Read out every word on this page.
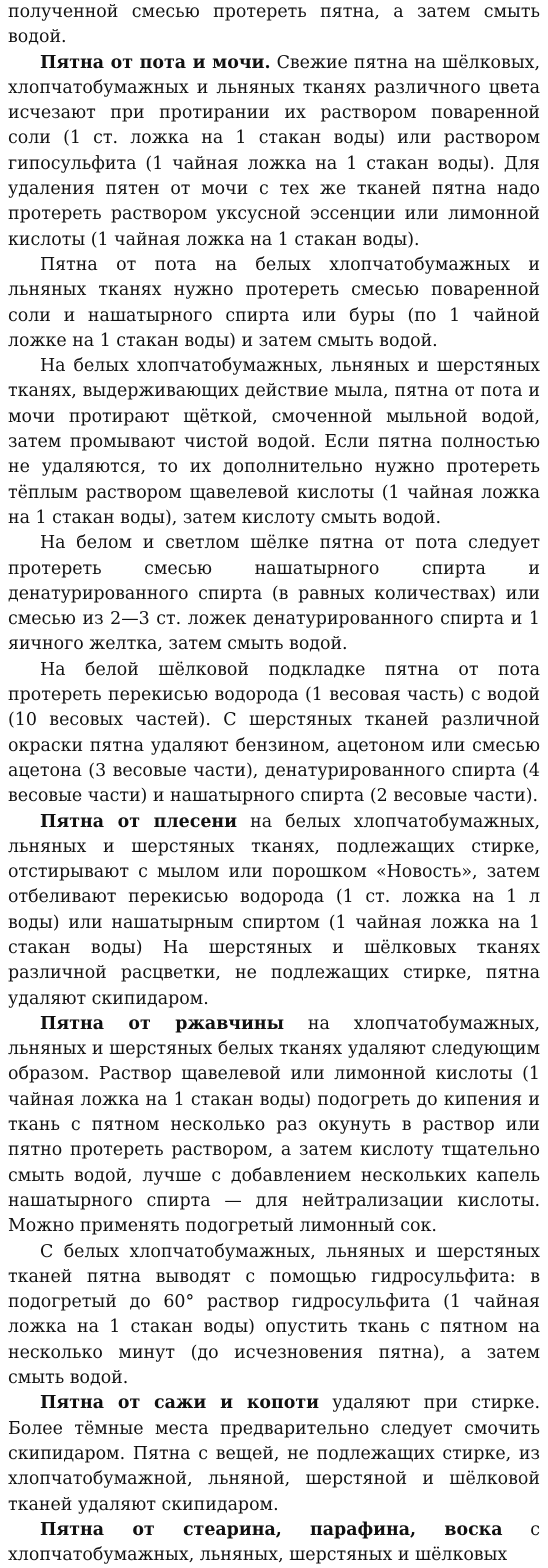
полученной смесью протереть пятна, а затем смыть водой.

Пятна от пота и мочи. Свежие пятна на шёлковых, хлопчатобумажных и льняных тканях различного цвета исчезают при протирании их раствором поваренной соли (1 ст. ложка на 1 стакан воды) или раствором гипосульфита (1 чайная ложка на 1 стакан воды). Для удаления пятен от мочи с тех же тканей пятна надо протереть раствором уксусной эссенции или лимонной кислоты (1 чайная ложка на 1 стакан воды).

Пятна от пота на белых хлопчатобумажных и льняных тканях нужно протереть смесью поваренной соли и нашатырного спирта или буры (по 1 чайной ложке на 1 стакан воды) и затем смыть водой.

На белых хлопчатобумажных, льняных и шерстяных тканях, выдерживающих действие мыла, пятна от пота и мочи протирают щёткой, смоченной мыльной водой, затем промывают чистой водой. Если пятна полностью не удаляются, то их дополнительно нужно протереть тёплым раствором щавелевой кислоты (1 чайная ложка на 1 стакан воды), затем кислоту смыть водой.

На белом и светлом шёлке пятна от пота следует протереть смесью нашатырного спирта и денатурированного спирта (в равных количествах) или смесью из 2—3 ст. ложек денатурированного спирта и 1 яичного желтка, затем смыть водой.

На белой шёлковой подкладке пятна от пота протереть перекисью водорода (1 весовая часть) с водой (10 весовых частей). С шерстяных тканей различной окраски пятна удаляют бензином, ацетоном или смесью ацетона (3 весовые части), денатурированного спирта (4 весовые части) и нашатырного спирта (2 весовые части).

Пятна от плесени на белых хлопчатобумажных, льняных и шерстяных тканях, подлежащих стирке, отстирывают с мылом или порошком «Новость», затем отбеливают перекисью водорода (1 ст. ложка на 1 л воды) или нашатырным спиртом (1 чайная ложка на 1 стакан воды) На шерстяных и шёлковых тканях различной расцветки, не подлежащих стирке, пятна удаляют скипидаром.

Пятна от ржавчины на хлопчатобумажных, льняных и шерстяных белых тканях удаляют следующим образом. Раствор щавелевой или лимонной кислоты (1 чайная ложка на 1 стакан воды) подогреть до кипения и ткань с пятном несколько раз окунуть в раствор или пятно протереть раствором, а затем кислоту тщательно смыть водой, лучше с добавлением нескольких капель нашатырного спирта — для нейтрализации кислоты. Можно применять подогретый лимонный сок.

С белых хлопчатобумажных, льняных и шерстяных тканей пятна выводят с помощью гидросульфита: в подогретый до 60° раствор гидросульфита (1 чайная ложка на 1 стакан воды) опустить ткань с пятном на несколько минут (до исчезновения пятна), а затем смыть водой.

Пятна от сажи и копоти удаляют при стирке. Более тёмные места предварительно следует смочить скипидаром. Пятна с вещей, не подлежащих стирке, из хлопчатобумажной, льняной, шерстяной и шёлковой тканей удаляют скипидаром.

Пятна от стеарина, парафина, воска с хлопчатобумажных, льняных, шерстяных и шёлковых
